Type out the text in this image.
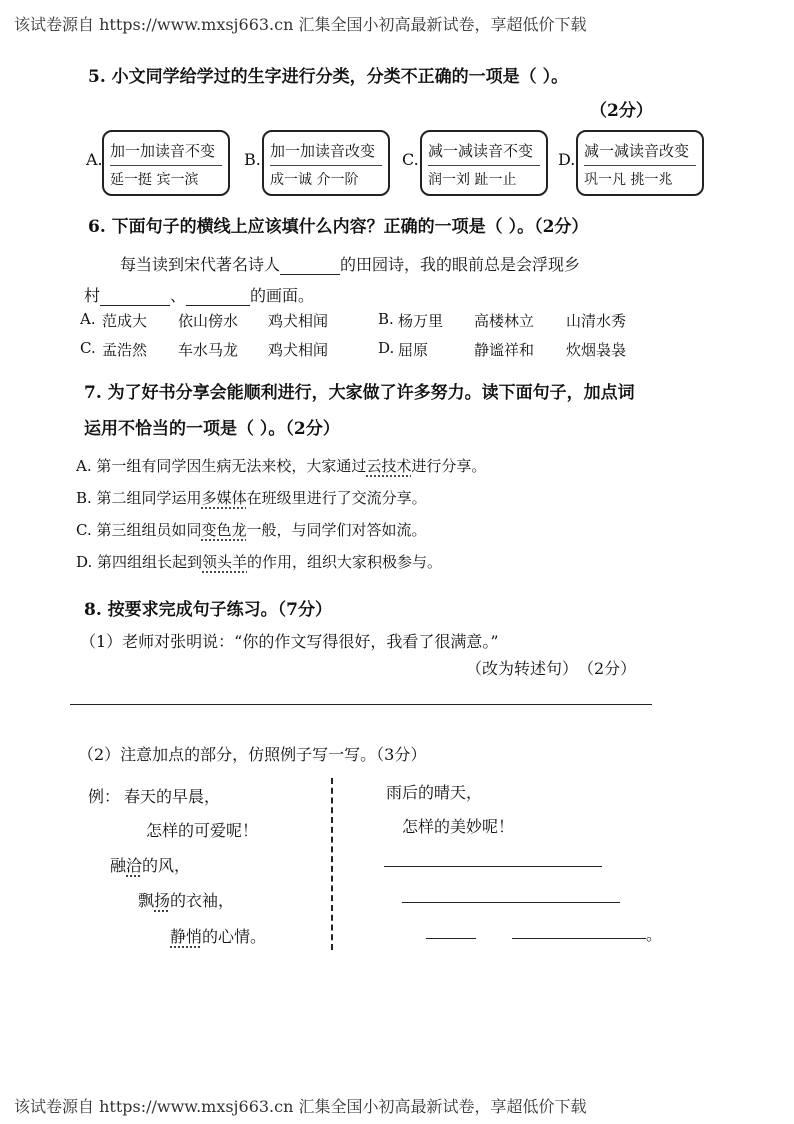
该试卷源自 https://www.mxsj663.cn 汇集全国小初高最新试卷，享超低价下载
5. 小文同学给学过的生字进行分类，分类不正确的一项是（ ）。
（2分）
A. 加一加读音不变
延一挺 宾一滨
B. 加一加读音改变
成一诚 介一阶
C. 减一减读音不变
润一刘 趾一止
D. 减一减读音改变
巩一凡 挑一兆
6. 下面句子的横线上应该填什么内容？正确的一项是（ ）。（2分）
每当读到宋代著名诗人	的田园诗，我的眼前总是会浮现乡
村	、	的画面。
A. 范成大 依山傍水 鸡犬相闻	B. 杨万里 高楼林立 山清水秀
C. 孟浩然 车水马龙 鸡犬相闻	D. 屈原	静谧祥和 炊烟袅袅
7. 为了好书分享会能顺利进行，大家做了许多努力。读下面句子，加点词
运用不恰当的一项是（ ）。（2分）
A. 第一组有同学因生病无法来校，大家通过云技术进行分享。
B. 第二组同学运用多媒体在班级里进行了交流分享。
C. 第三组组员如同变色龙一般，与同学们对答如流。
D. 第四组组长起到领头羊的作用，组织大家积极参与。
8. 按要求完成句子练习。（7分）
（1）老师对张明说：“你的作文写得很好，我看了很满意。”
（改为转述句）　（2分）
（2）注意加点的部分，仿照例子写一写。（3分）
例： 春天的早晨，
怎样的可爱呢！
融洽的风，
飘扬的衣袖，
静悄的心情。
雨后的晴天，
怎样的美妙呢！
。
该试卷源自 https://www.mxsj663.cn 汇集全国小初高最新试卷，享超低价下载
